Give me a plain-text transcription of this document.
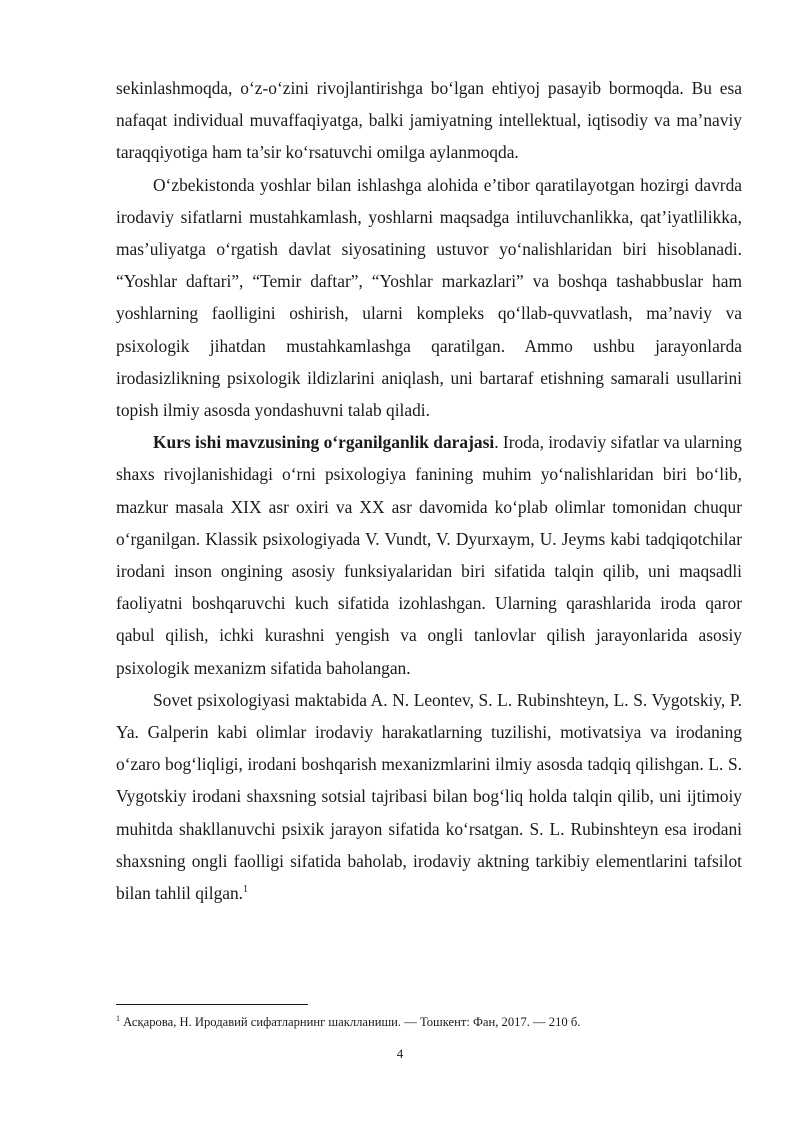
sekinlashmoqda, o‘z-o‘zini rivojlantirishga bo‘lgan ehtiyoj pasayib bormoqda. Bu esa nafaqat individual muvaffaqiyatga, balki jamiyatning intellektual, iqtisodiy va ma’naviy taraqqiyotiga ham ta’sir ko‘rsatuvchi omilga aylanmoqda.

O‘zbekistonda yoshlar bilan ishlashga alohida e’tibor qaratilayotgan hozirgi davrda irodaviy sifatlarni mustahkamlash, yoshlarni maqsadga intiluvchanlikka, qat’iyatlilikka, mas’uliyatga o‘rgatish davlat siyosatining ustuvor yo‘nalishlaridan biri hisoblanadi. “Yoshlar daftari”, “Temir daftar”, “Yoshlar markazlari” va boshqa tashabbuslar ham yoshlarning faolligini oshirish, ularni kompleks qo‘llab-quvvatlash, ma’naviy va psixologik jihatdan mustahkamlashga qaratilgan. Ammo ushbu jarayonlarda irodasizlikning psixologik ildizlarini aniqlash, uni bartaraf etishning samarali usullarini topish ilmiy asosda yondashuvni talab qiladi.

Kurs ishi mavzusining o‘rganilganlik darajasi. Iroda, irodaviy sifatlar va ularning shaxs rivojlanishidagi o‘rni psixologiya fanining muhim yo‘nalishlaridan biri bo‘lib, mazkur masala XIX asr oxiri va XX asr davomida ko‘plab olimlar tomonidan chuqur o‘rganilgan. Klassik psixologiyada V. Vundt, V. Dyurxaym, U. Jeyms kabi tadqiqotchilar irodani inson ongining asosiy funksiyalaridan biri sifatida talqin qilib, uni maqsadli faoliyatni boshqaruvchi kuch sifatida izohlashgan. Ularning qarashlarida iroda qaror qabul qilish, ichki kurashni yengish va ongli tanlovlar qilish jarayonlarida asosiy psixologik mexanizm sifatida baholangan.

Sovet psixologiyasi maktabida A. N. Leontev, S. L. Rubinshteyn, L. S. Vygotskiy, P. Ya. Galperin kabi olimlar irodaviy harakatlarning tuzilishi, motivatsiya va irodaning o‘zaro bog‘liqligi, irodani boshqarish mexanizmlarini ilmiy asosda tadqiq qilishgan. L. S. Vygotskiy irodani shaxsning sotsial tajribasi bilan bog‘liq holda talqin qilib, uni ijtimoiy muhitda shakllanuvchi psixik jarayon sifatida ko‘rsatgan. S. L. Rubinshteyn esa irodani shaxsning ongli faolligi sifatida baholab, irodaviy aktning tarkibiy elementlarini tafsilot bilan tahlil qilgan.$^1$

$^1$ Асқарова, Н. Иродавий сифатларнинг шаклланиши. — Тошкент: Фан, 2017. — 210 б.
4
